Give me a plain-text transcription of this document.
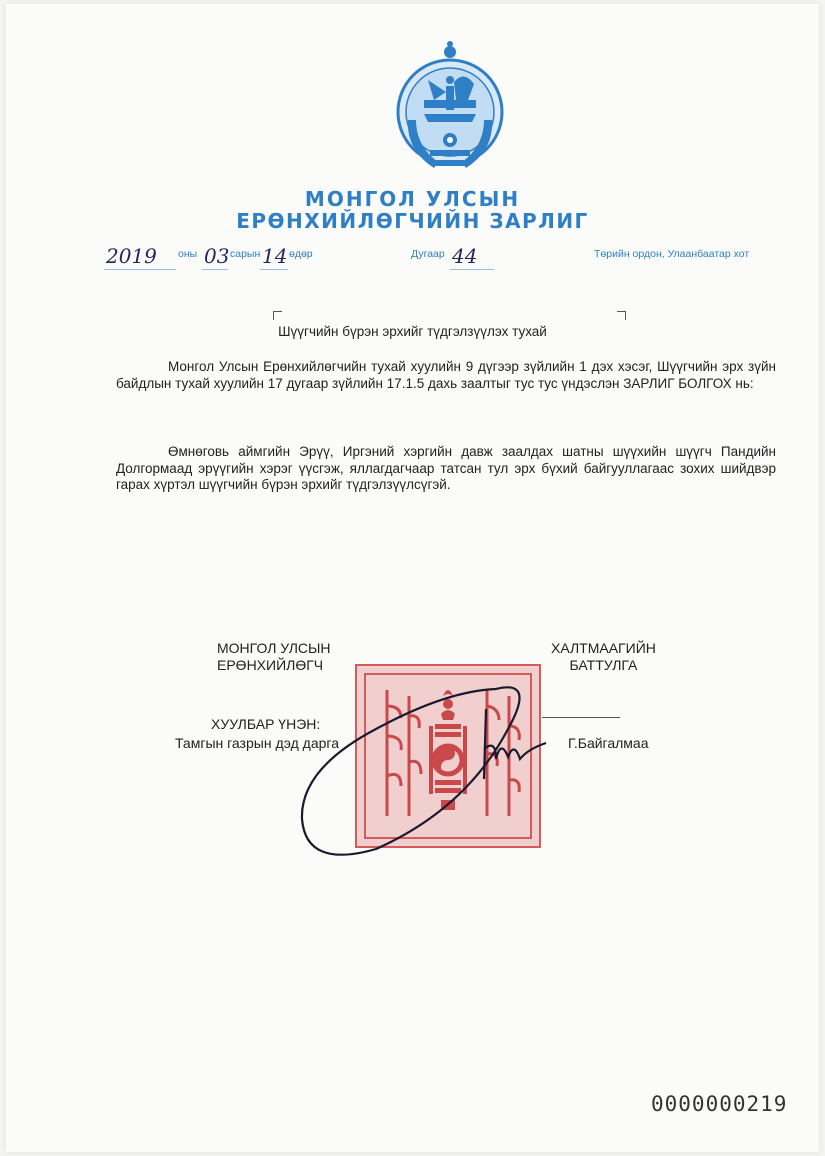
МОНГОЛ УЛСЫН
ЕРӨНХИЙЛӨГЧИЙН ЗАРЛИГ
2019 оны 03 сарын 14 өдөр	Дугаар 44	Төрийн ордон, Улаанбаатар хот
Шүүгчийн бүрэн эрхийг түдгэлзүүлэх тухай

Монгол Улсын Ерөнхийлөгчийн тухай хуулийн 9 дүгээр зүйлийн 1 дэх хэсэг, Шүүгчийн эрх зүйн байдлын тухай хуулийн 17 дугаар зүйлийн 17.1.5 дахь заалтыг тус тус үндэслэн ЗАРЛИГ БОЛГОХ нь:

Өмнөговь аймгийн Эрүү, Иргэний хэргийн давж заалдах шатны шүүхийн шүүгч Пандийн Долгормаад эрүүгийн хэрэг үүсгэж, яллагдагчаар татсан тул эрх бүхий байгууллагаас зохих шийдвэр гарах хүртэл шүүгчийн бүрэн эрхийг түдгэлзүүлсүгэй.

МОНГОЛ УЛСЫН
ЕРӨНХИЙЛӨГЧ
ХАЛТМААГИЙН
БАТТУЛГА
ХУУЛБАР ҮНЭН:
Тамгын газрын дэд дарга	Г.Байгалмаа
0000000219
